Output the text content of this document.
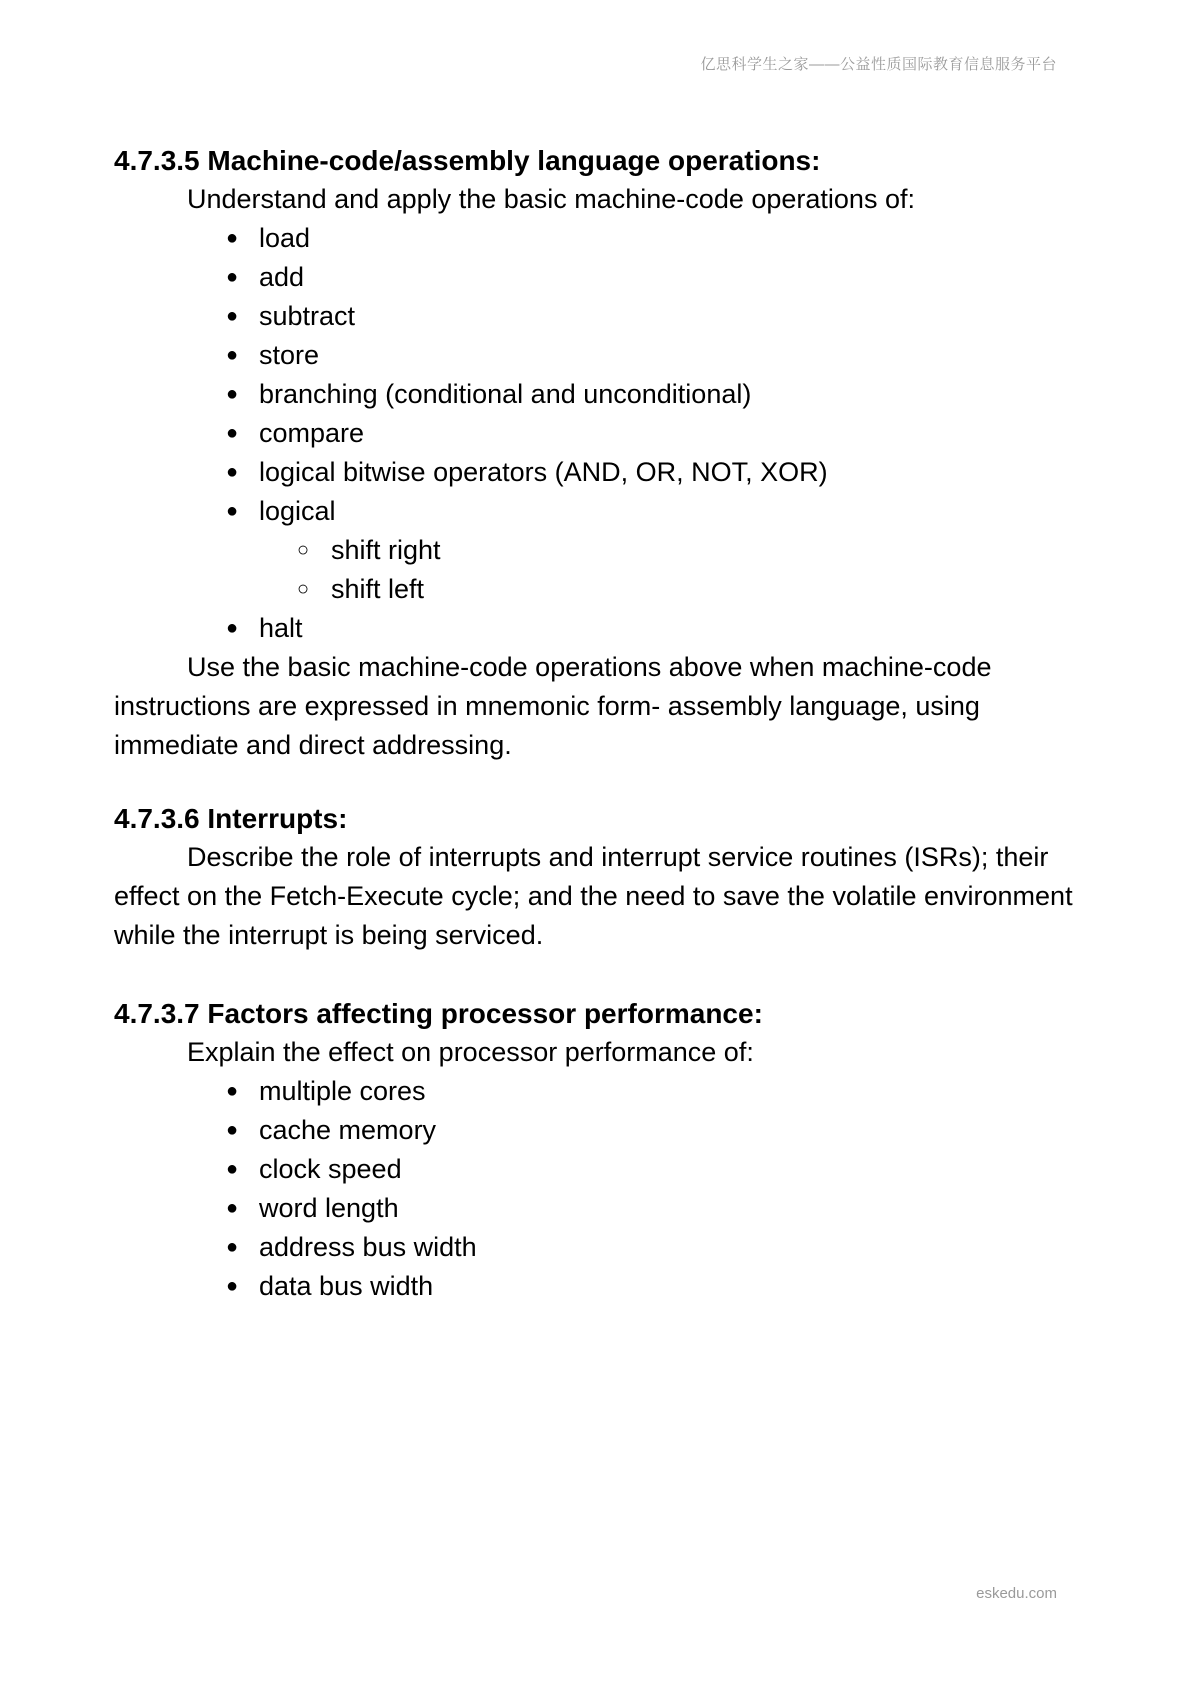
亿思科学生之家——公益性质国际教育信息服务平台

4.7.3.5 Machine-code/assembly language operations:

Understand and apply the basic machine-code operations of:

● load
● add
● subtract
● store
● branching (conditional and unconditional)
● compare
● logical bitwise operators (AND, OR, NOT, XOR)
● logical
○ shift right
○ shift left
● halt

Use the basic machine-code operations above when machine-code instructions are expressed in mnemonic form- assembly language, using immediate and direct addressing.

4.7.3.6 Interrupts:

Describe the role of interrupts and interrupt service routines (ISRs); their effect on the Fetch-Execute cycle; and the need to save the volatile environment while the interrupt is being serviced.

4.7.3.7 Factors affecting processor performance:

Explain the effect on processor performance of:

● multiple cores
● cache memory
● clock speed
● word length
● address bus width
● data bus width
eskedu.com
